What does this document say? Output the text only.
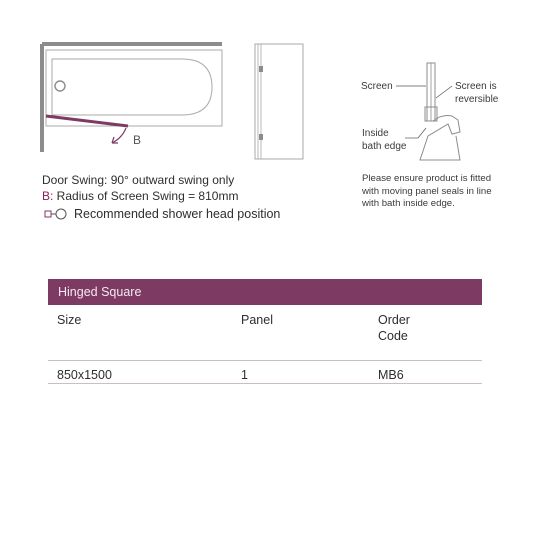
B
Screen	Screen is
reversible
Inside
bath edge
Please ensure product is fitted
with moving panel seals in line
with bath inside edge.
Door Swing: 90° outward swing only
B: Radius of Screen Swing = 810mm
Recommended shower head position
Hinged Square
Size	Panel	Order
Code
850x1500	1	MB6
